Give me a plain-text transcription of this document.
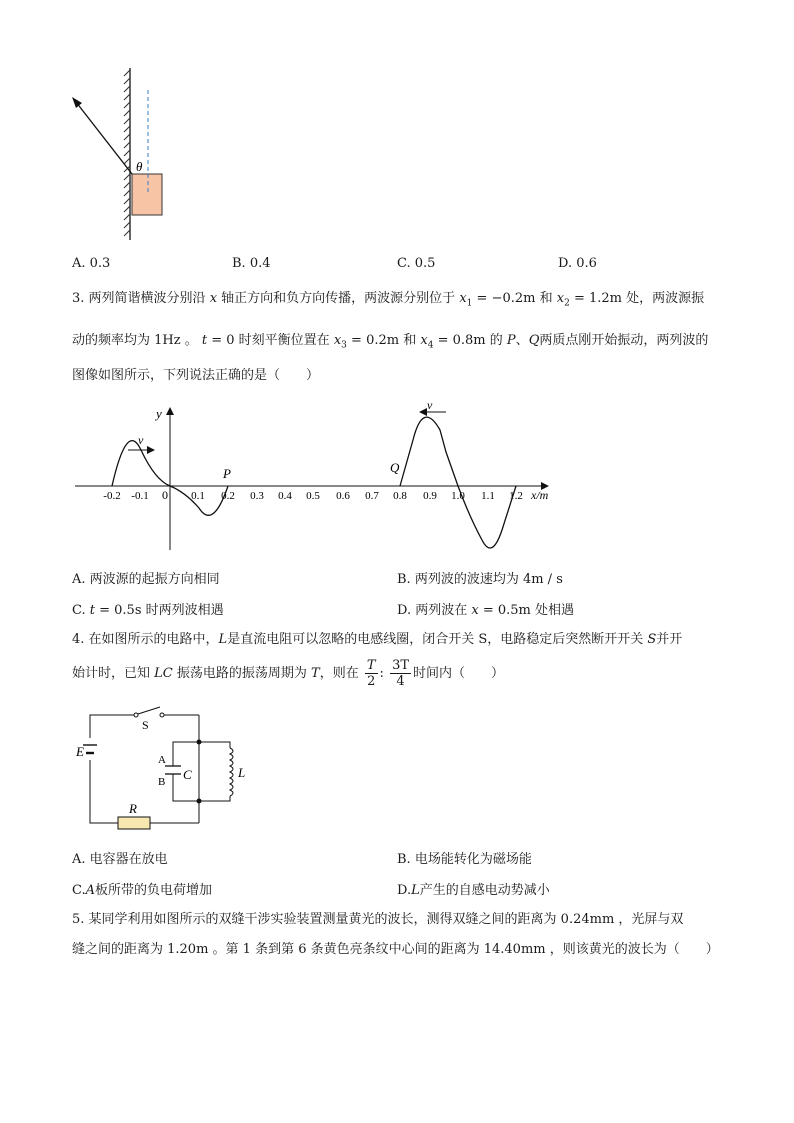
θ
A. 0.3	B. 0.4	C. 0.5	D. 0.6
3. 两列简谐横波分别沿 x 轴正方向和负方向传播，两波源分别位于 $x_1 = -0.2m$ 和 $x_2 = 1.2m$ 处，两波源振
动的频率均为 1Hz 。 t = 0 时刻平衡位置在 $x_3 = 0.2m$ 和 $x_4 = 0.8m$ 的 P、Q两质点刚开始振动，两列波的
图像如图所示，下列说法正确的是（　　）
y
x/m
0
-0.2 -0.1	0.1 0.2 0.3 0.4 0.5 0.6 0.7 0.8 0.9 1.0 1.1 1.2
v
v
P	Q
A. 两波源的起振方向相同	B. 两列波的波速均为 4m / s
C. t = 0.5s 时两列波相遇	D. 两列波在 x = 0.5m 处相遇
4. 在如图所示的电路中，L是直流电阻可以忽略的电感线圈，闭合开关 S，电路稳定后突然断开开关 S并开
始计时，已知 LC 振荡电路的振荡周期为 T，则在 $\frac{T}{2}$ : $\frac{3T}{4}$ 时间内（　　）
E
S
A
B C	L
R
A. 电容器在放电	B. 电场能转化为磁场能
C.A板所带的负电荷增加	D.L产生的自感电动势减小
5. 某同学利用如图所示的双缝干涉实验装置测量黄光的波长，测得双缝之间的距离为 0.24mm ，光屏与双
缝之间的距离为 1.20m 。第 1 条到第 6 条黄色亮条纹中心间的距离为 14.40mm ，则该黄光的波长为（　　）
